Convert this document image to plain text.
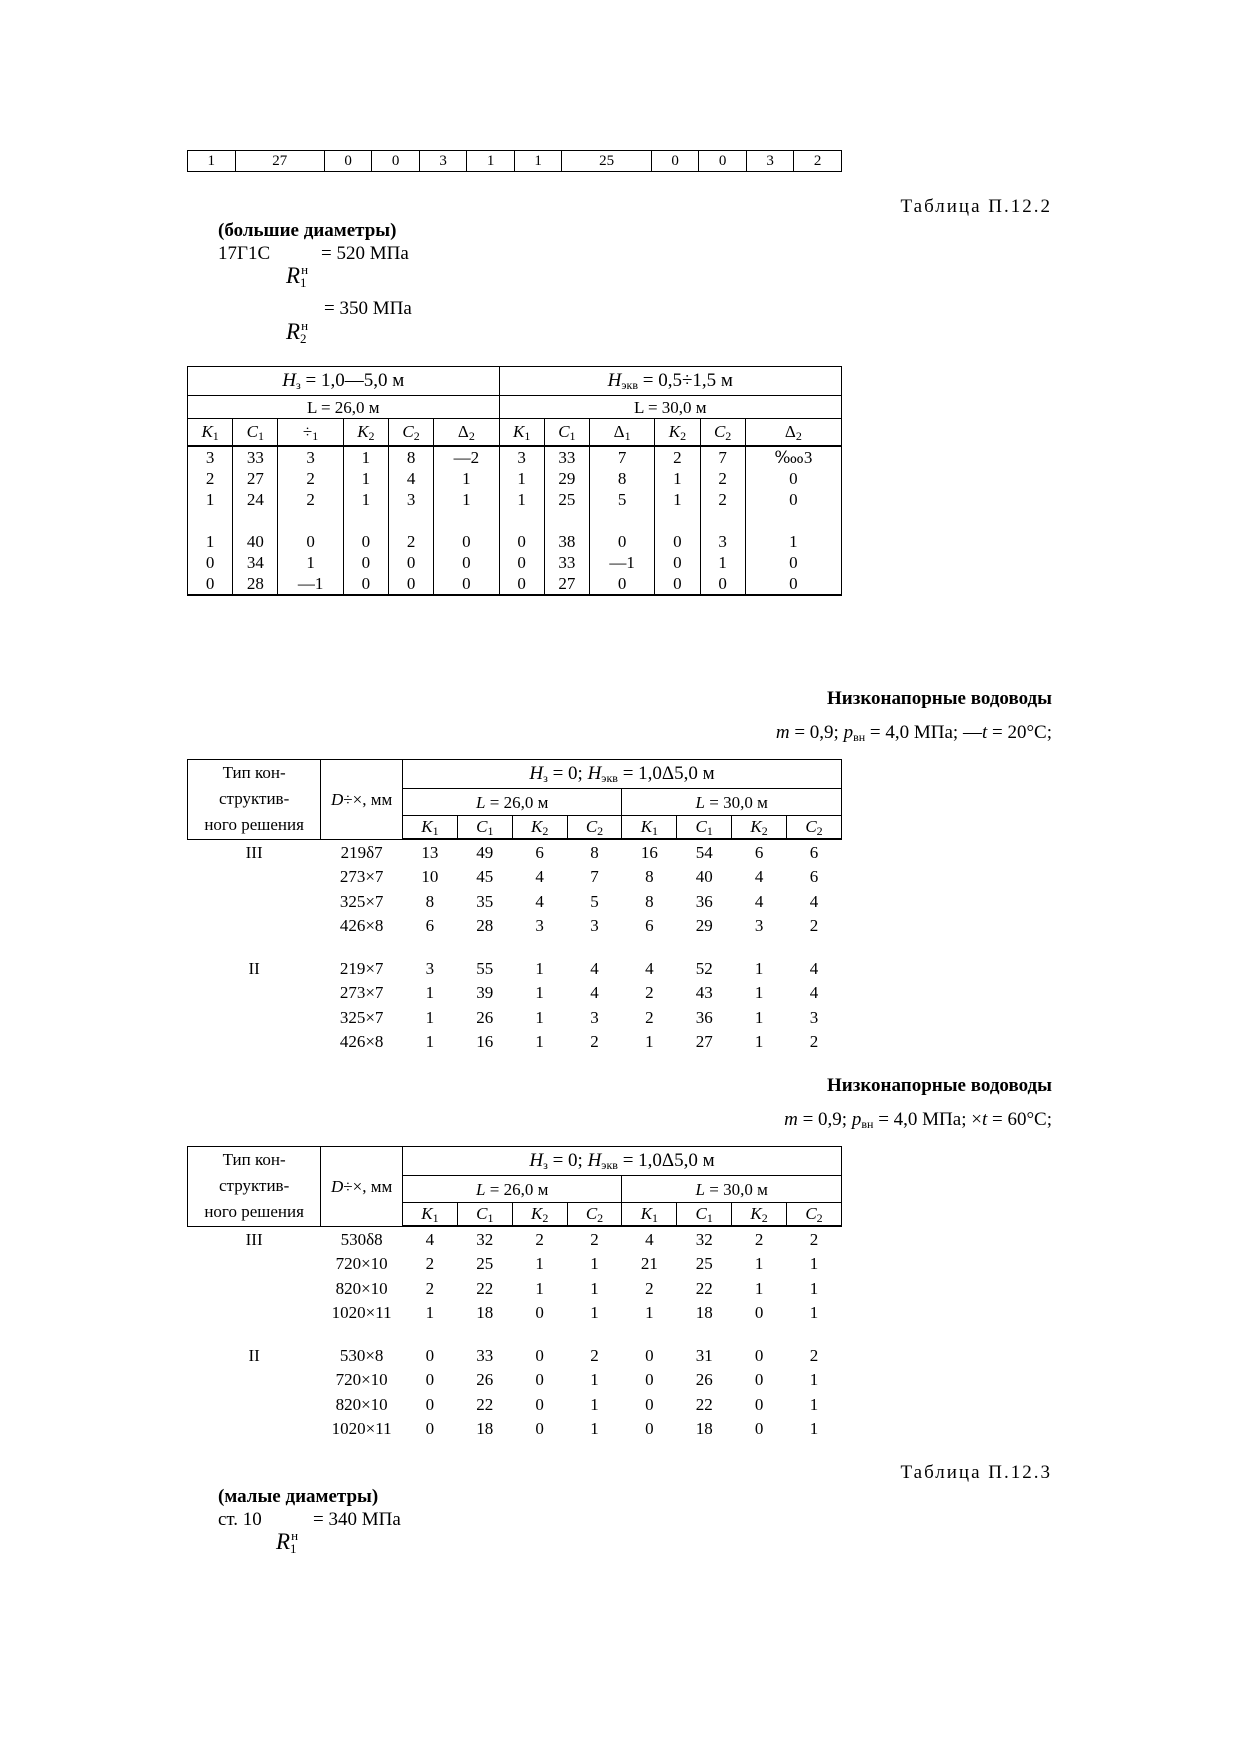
1	27	0	0	3	1	1	25	0	0	3	2
Таблица П.12.2
(большие диаметры)
17Г1С	= 520 МПа
$R^н_1$
= 350 МПа
$R^н_2$
$H_з$ = 1,0—5,0 м						$H_{экв} = 0,5\div 1,5$ м					
L = 26,0 м						L = 30,0 м					
$K_1$	$C_1$	$\div_1$	$K_2$	$C_2$	$\Delta_2$	$K_1$	$C_1$	$\Delta_1$	$K_2$	$C_2$	$\Delta_2$
3	33	3	1	8	—2	3	33	7	2	7	‱3
2	27	2	1	4	1	1	29	8	1	2	0
1	24	2	1	3	1	1	25	5	1	2	0

1	40	0	0	2	0	0	38	0	0	3	1
0	34	1	0	0	0	0	33	—1	0	1	0
0	28	—1	0	0	0	0	27	0	0	0	0
Низконапорные водоводы
m = 0,9; $p_{вн} = 4,0$ МПа; —t = 20°С;
Тип кон-
структив-
ного решения	D÷×, мм	$H_з = 0$; $H_{экв} = 1,0\Delta 5,0$ м							
		L = 26,0 м				L = 30,0 м			
		$K_1$	$C_1$	$K_2$	$C_2$	$K_1$	$C_1$	$K_2$	$C_2$
III	219δ7	13	49	6	8	16	54	6	6
	273×7	10	45	4	7	8	40	4	6
	325×7	8	35	4	5	8	36	4	4
	426×8	6	28	3	3	6	29	3	2

II	219×7	3	55	1	4	4	52	1	4
	273×7	1	39	1	4	2	43	1	4
	325×7	1	26	1	3	2	36	1	3
	426×8	1	16	1	2	1	27	1	2
Низконапорные водоводы
m = 0,9; $p_{вн} = 4,0$ МПа; ×t = 60°С;
Тип кон-
структив-
ного решения	D÷×, мм	$H_з = 0$; $H_{экв} = 1,0\Delta 5,0$ м							
		L = 26,0 м				L = 30,0 м			
		$K_1$	$C_1$	$K_2$	$C_2$	$K_1$	$C_1$	$K_2$	$C_2$
III	530δ8	4	32	2	2	4	32	2	2
	720×10	2	25	1	1	21	25	1	1
	820×10	2	22	1	1	2	22	1	1
	1020×11	1	18	0	1	1	18	0	1

II	530×8	0	33	0	2	0	31	0	2
	720×10	0	26	0	1	0	26	0	1
	820×10	0	22	0	1	0	22	0	1
	1020×11	0	18	0	1	0	18	0	1
Таблица П.12.3
(малые диаметры)
ст. 10	= 340 МПа
$R^н_1$
